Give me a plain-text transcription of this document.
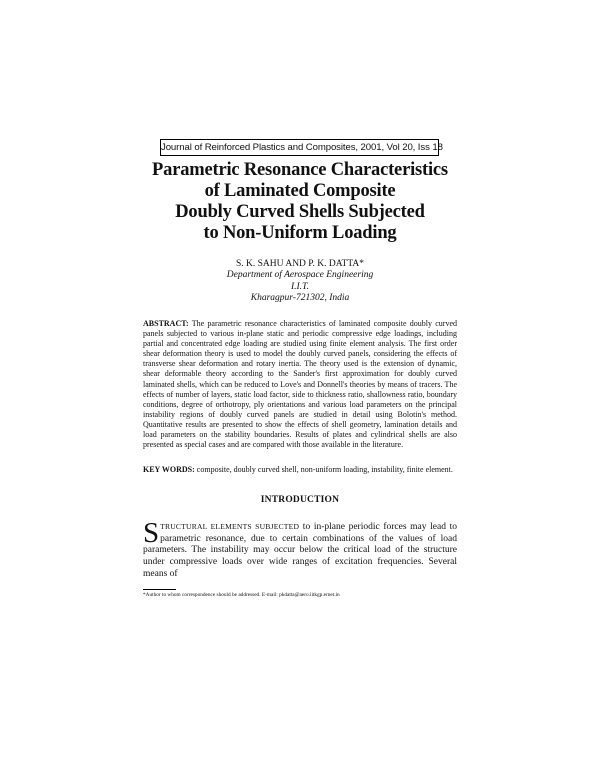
Journal of Reinforced Plastics and Composites, 2001, Vol 20, Iss 18
Parametric Resonance Characteristics
of Laminated Composite
Doubly Curved Shells Subjected
to Non-Uniform Loading
S. K. SAHU AND P. K. DATTA*
Department of Aerospace Engineering
I.I.T.
Kharagpur-721302, India

ABSTRACT: The parametric resonance characteristics of laminated composite doubly curved panels subjected to various in-plane static and periodic compressive edge loadings, including partial and concentrated edge loading are studied using finite element analysis. The first order shear deformation theory is used to model the doubly curved panels, considering the effects of transverse shear deformation and rotary inertia. The theory used is the extension of dynamic, shear deformable theory according to the Sander's first approximation for doubly curved laminated shells, which can be reduced to Love's and Donnell's theories by means of tracers. The effects of number of layers, static load factor, side to thickness ratio, shallowness ratio, boundary conditions, degree of orthotropy, ply orientations and various load parameters on the principal instability regions of doubly curved panels are studied in detail using Bolotin's method. Quantitative results are presented to show the effects of shell geometry, lamination details and load parameters on the stability boundaries. Results of plates and cylindrical shells are also presented as special cases and are compared with those available in the literature.

KEY WORDS: composite, doubly curved shell, non-uniform loading, instability, finite element.

INTRODUCTION

STRUCTURAL ELEMENTS SUBJECTED to in-plane periodic forces may lead to parametric resonance, due to certain combinations of the values of load parameters. The instability may occur below the critical load of the structure under compressive loads over wide ranges of excitation frequencies. Several means of

*Author to whom correspondence should be addressed. E-mail: pkdatta@aero.iitkgp.ernet.in
